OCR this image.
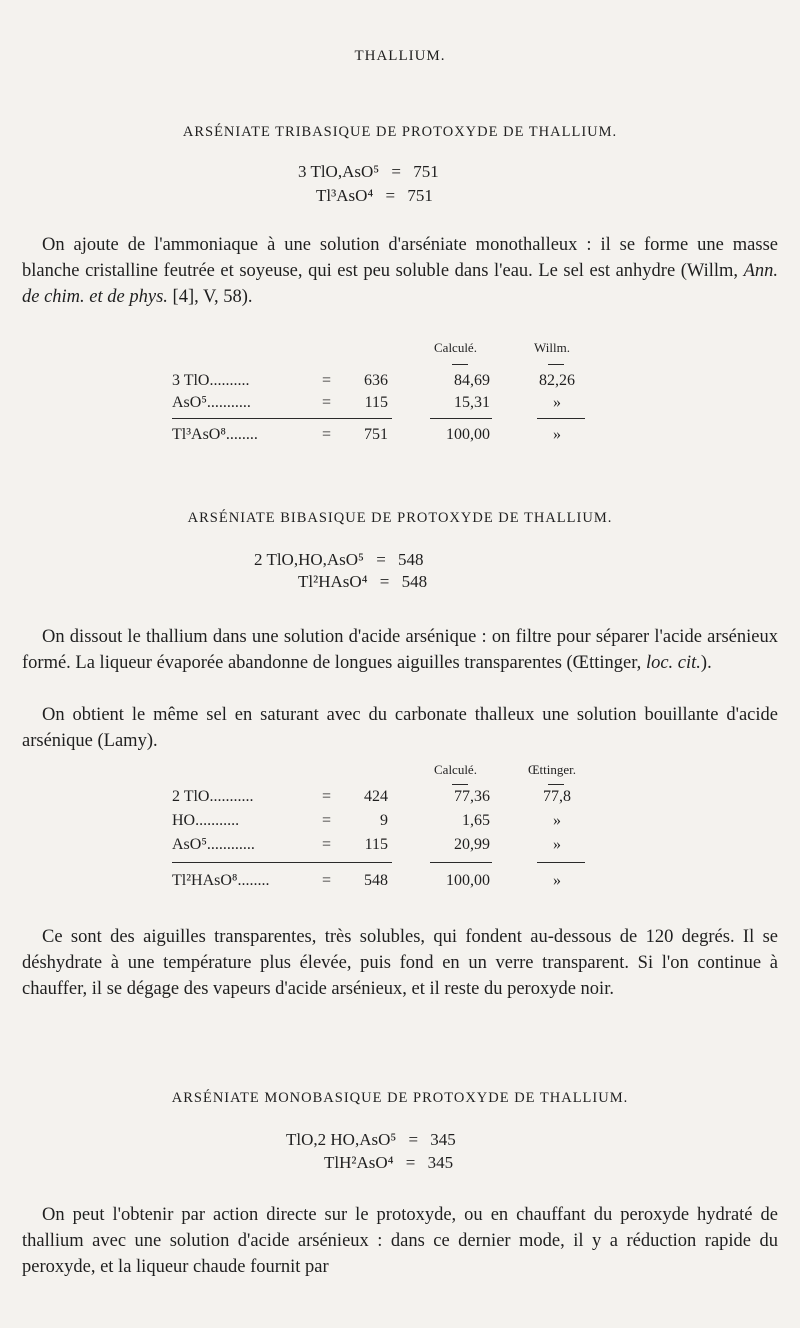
THALLIUM.
ARSÉNIATE TRIBASIQUE DE PROTOXYDE DE THALLIUM.
3 TlO,AsO⁵ = 751
Tl³AsO⁴ = 751
On ajoute de l'ammoniaque à une solution d'arséniate monothalleux : il se forme une masse blanche cristalline feutrée et soyeuse, qui est peu soluble dans l'eau. Le sel est anhydre (Willm, Ann. de chim. et de phys. [4], V, 58).
Calculé.	Willm.
3 TlO..........	=	636	84,69	82,26
AsO⁵...........	=	115	15,31	»
Tl³AsO⁸........	=	751	100,00	»
ARSÉNIATE BIBASIQUE DE PROTOXYDE DE THALLIUM.
2 TlO,HO,AsO⁵ = 548
Tl²HAsO⁴ = 548
On dissout le thallium dans une solution d'acide arsénique : on filtre pour séparer l'acide arsénieux formé. La liqueur évaporée abandonne de longues aiguilles transparentes (Œttinger, loc. cit.).
On obtient le même sel en saturant avec du carbonate thalleux une solution bouillante d'acide arsénique (Lamy).
Calculé.	Œttinger.
2 TlO...........	=	424	77,36	77,8
HO...........	=	9	1,65	»
AsO⁵............	=	115	20,99	»
Tl²HAsO⁸........	=	548	100,00	»
Ce sont des aiguilles transparentes, très solubles, qui fondent au-dessous de 120 degrés. Il se déshydrate à une température plus élevée, puis fond en un verre transparent. Si l'on continue à chauffer, il se dégage des vapeurs d'acide arsénieux, et il reste du peroxyde noir.
ARSÉNIATE MONOBASIQUE DE PROTOXYDE DE THALLIUM.
TlO,2 HO,AsO⁵ = 345
TlH²AsO⁴ = 345
On peut l'obtenir par action directe sur le protoxyde, ou en chauffant du peroxyde hydraté de thallium avec une solution d'acide arsénieux : dans ce dernier mode, il y a réduction rapide du peroxyde, et la liqueur chaude fournit par
